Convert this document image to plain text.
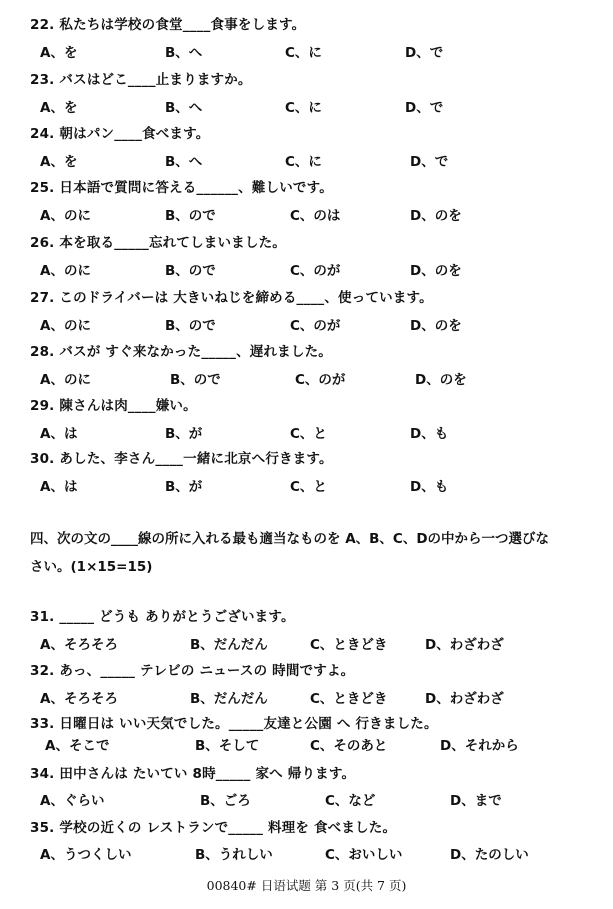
22. 私たちは学校の食堂____食事をします。
A、を	B、へ	C、に	D、で
23. バスはどこ____止まりますか。
A、を	B、へ	C、に	D、で
24. 朝はパン____食べます。
A、を	B、へ	C、に	D、で
25. 日本語で質問に答える______、難しいです。
A、のに	B、ので	C、のは	D、のを
26. 本を取る_____忘れてしまいました。
A、のに	B、ので	C、のが	D、のを
27. このドライバーは 大きいねじを締める____、使っています。
A、のに	B、ので	C、のが	D、のを
28. バスが すぐ来なかった_____、遅れました。
A、のに	B、ので	C、のが	D、のを
29. 陳さんは肉____嫌い。
A、は	B、が	C、と	D、も
30. あした、李さん____一緒に北京へ行きます。
A、は	B、が	C、と	D、も
四、次の文の____線の所に入れる最も適当なものを A、B、C、Dの中から一つ選びな
さい。(1×15=15)
31. _____ どうも ありがとうございます。
A、そろそろ	B、だんだん	C、ときどき	D、わざわざ
32. あっ、_____ テレビの ニュースの 時間ですよ。
A、そろそろ	B、だんだん	C、ときどき	D、わざわざ
33. 日曜日は いい天気でした。_____友達と公園 へ 行きました。
A、そこで	B、そして	C、そのあと	D、それから
34. 田中さんは たいてい 8時_____ 家へ 帰ります。
A、ぐらい	B、ごろ	C、など	D、まで
35. 学校の近くの レストランで_____ 料理を 食べました。
A、うつくしい	B、うれしい	C、おいしい	D、たのしい
00840# 日语试题 第 3 页(共 7 页)
